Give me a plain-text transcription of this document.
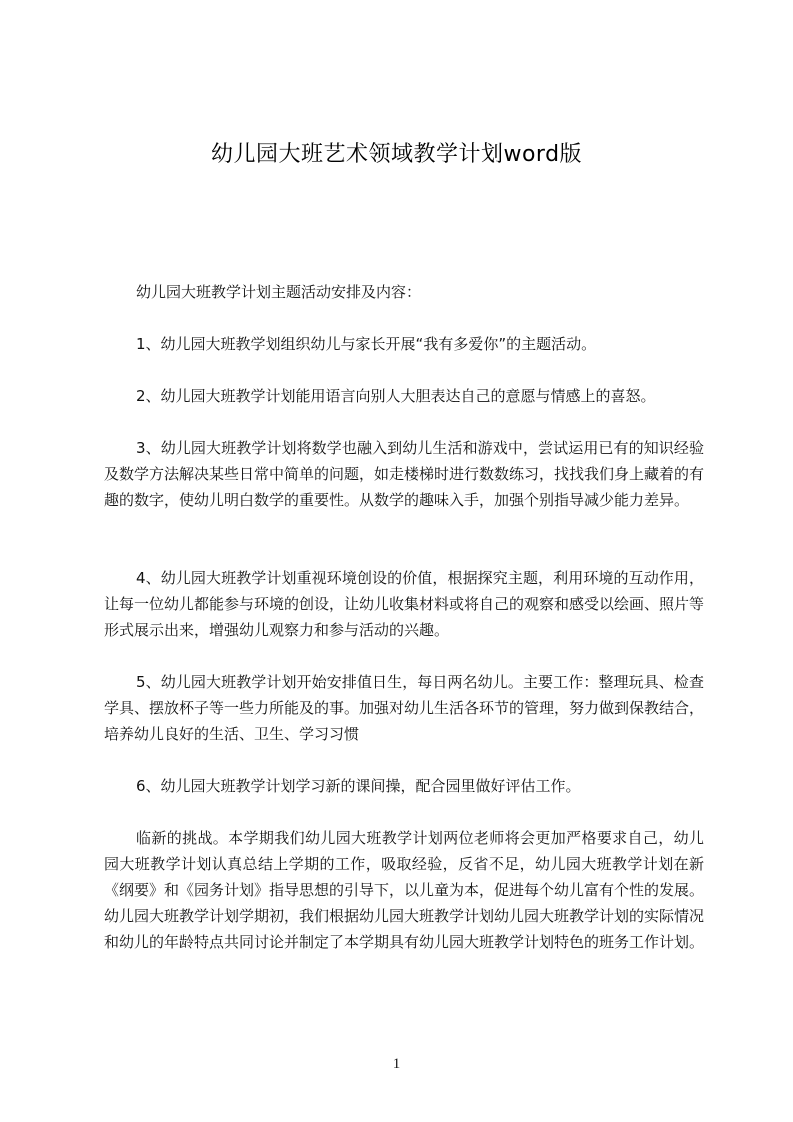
幼儿园大班艺术领域教学计划word版

幼儿园大班教学计划主题活动安排及内容：

1、幼儿园大班教学划组织幼儿与家长开展“我有多爱你”的主题活动。

2、幼儿园大班教学计划能用语言向别人大胆表达自己的意愿与情感上的喜怒。

3、幼儿园大班教学计划将数学也融入到幼儿生活和游戏中，尝试运用已有的知识经验及数学方法解决某些日常中简单的问题，如走楼梯时进行数数练习，找找我们身上藏着的有趣的数字，使幼儿明白数学的重要性。从数学的趣味入手，加强个别指导减少能力差异。

4、幼儿园大班教学计划重视环境创设的价值，根据探究主题，利用环境的互动作用，让每一位幼儿都能参与环境的创设，让幼儿收集材料或将自己的观察和感受以绘画、照片等形式展示出来，增强幼儿观察力和参与活动的兴趣。

5、幼儿园大班教学计划开始安排值日生，每日两名幼儿。主要工作：整理玩具、检查学具、摆放杯子等一些力所能及的事。加强对幼儿生活各环节的管理，努力做到保教结合，培养幼儿良好的生活、卫生、学习习惯

6、幼儿园大班教学计划学习新的课间操，配合园里做好评估工作。

临新的挑战。本学期我们幼儿园大班教学计划两位老师将会更加严格要求自己，幼儿园大班教学计划认真总结上学期的工作，吸取经验，反省不足，幼儿园大班教学计划在新《纲要》和《园务计划》指导思想的引导下，以儿童为本，促进每个幼儿富有个性的发展。幼儿园大班教学计划学期初，我们根据幼儿园大班教学计划幼儿园大班教学计划的实际情况和幼儿的年龄特点共同讨论并制定了本学期具有幼儿园大班教学计划特色的班务工作计划。

1
